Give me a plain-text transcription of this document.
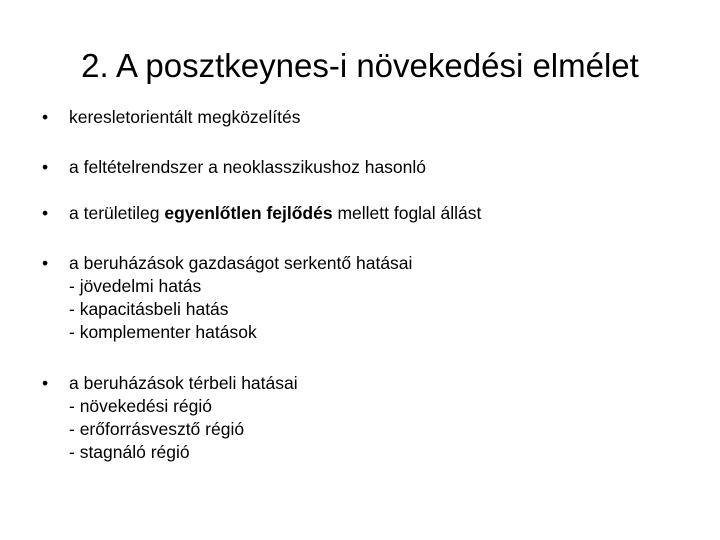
2. A posztkeynes-i növekedési elmélet
•	keresletorientált megközelítés
•	a feltételrendszer a neoklasszikushoz hasonló
•	a területileg egyenlőtlen fejlődés mellett foglal állást
•	a beruházások gazdaságot serkentő hatásai
- jövedelmi hatás
- kapacitásbeli hatás
- komplementer hatások
•	a beruházások térbeli hatásai
- növekedési régió
- erőforrásvesztő régió
- stagnáló régió
